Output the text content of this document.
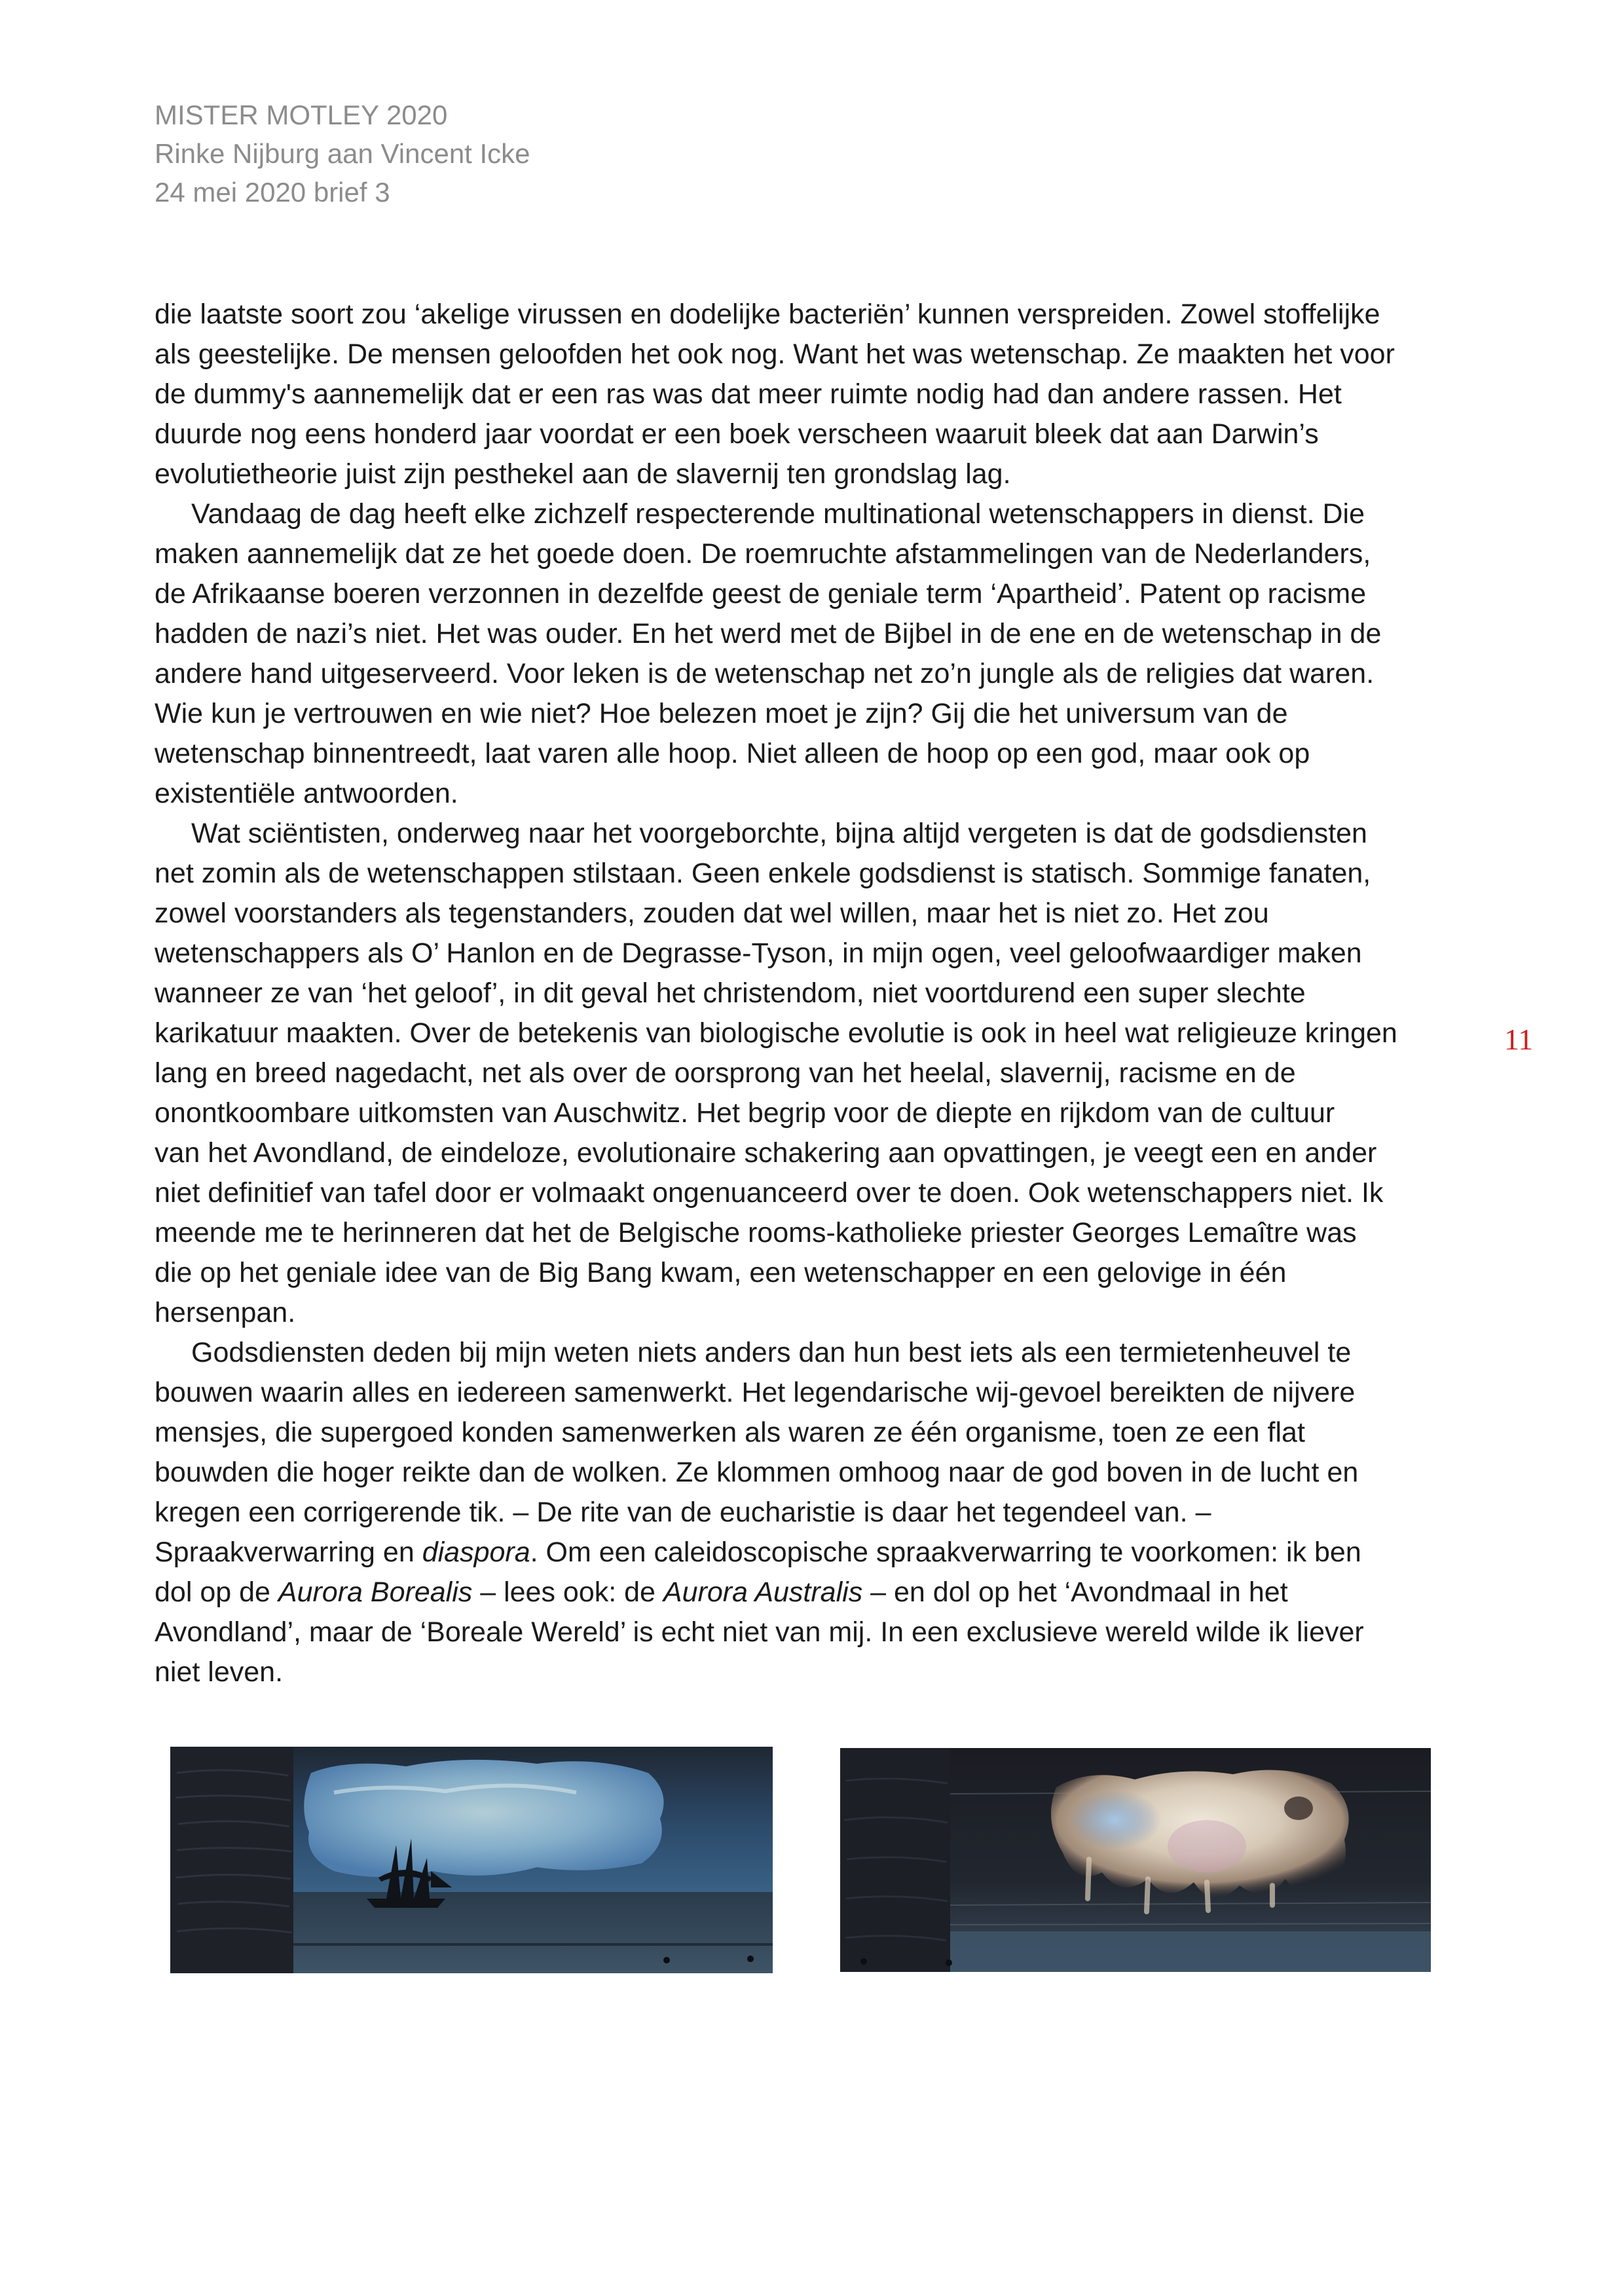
MISTER MOTLEY 2020
Rinke Nijburg aan Vincent Icke
24 mei 2020 brief 3
die laatste soort zou ‘akelige virussen en dodelijke bacteriën’ kunnen verspreiden. Zowel stoffelijke
als geestelijke. De mensen geloofden het ook nog. Want het was wetenschap. Ze maakten het voor
de dummy's aannemelijk dat er een ras was dat meer ruimte nodig had dan andere rassen. Het
duurde nog eens honderd jaar voordat er een boek verscheen waaruit bleek dat aan Darwin’s
evolutietheorie juist zijn pesthekel aan de slavernij ten grondslag lag.
Vandaag de dag heeft elke zichzelf respecterende multinational wetenschappers in dienst. Die
maken aannemelijk dat ze het goede doen. De roemruchte afstammelingen van de Nederlanders,
de Afrikaanse boeren verzonnen in dezelfde geest de geniale term ‘Apartheid’. Patent op racisme
hadden de nazi’s niet. Het was ouder. En het werd met de Bijbel in de ene en de wetenschap in de
andere hand uitgeserveerd. Voor leken is de wetenschap net zo’n jungle als de religies dat waren.
Wie kun je vertrouwen en wie niet? Hoe belezen moet je zijn? Gij die het universum van de
wetenschap binnentreedt, laat varen alle hoop. Niet alleen de hoop op een god, maar ook op
existentiële antwoorden.
Wat sciëntisten, onderweg naar het voorgeborchte, bijna altijd vergeten is dat de godsdiensten
net zomin als de wetenschappen stilstaan. Geen enkele godsdienst is statisch. Sommige fanaten,
zowel voorstanders als tegenstanders, zouden dat wel willen, maar het is niet zo. Het zou
wetenschappers als O’ Hanlon en de Degrasse-Tyson, in mijn ogen, veel geloofwaardiger maken
wanneer ze van ‘het geloof’, in dit geval het christendom, niet voortdurend een super slechte
karikatuur maakten. Over de betekenis van biologische evolutie is ook in heel wat religieuze kringen
lang en breed nagedacht, net als over de oorsprong van het heelal, slavernij, racisme en de
onontkoombare uitkomsten van Auschwitz. Het begrip voor de diepte en rijkdom van de cultuur
van het Avondland, de eindeloze, evolutionaire schakering aan opvattingen, je veegt een en ander
niet definitief van tafel door er volmaakt ongenuanceerd over te doen. Ook wetenschappers niet. Ik
meende me te herinneren dat het de Belgische rooms-katholieke priester Georges Lemaître was
die op het geniale idee van de Big Bang kwam, een wetenschapper en een gelovige in één
hersenpan.
Godsdiensten deden bij mijn weten niets anders dan hun best iets als een termietenheuvel te
bouwen waarin alles en iedereen samenwerkt. Het legendarische wij-gevoel bereikten de nijvere
mensjes, die supergoed konden samenwerken als waren ze één organisme, toen ze een flat
bouwden die hoger reikte dan de wolken. Ze klommen omhoog naar de god boven in de lucht en
kregen een corrigerende tik. – De rite van de eucharistie is daar het tegendeel van. –
Spraakverwarring en diaspora. Om een caleidoscopische spraakverwarring te voorkomen: ik ben
dol op de Aurora Borealis – lees ook: de Aurora Australis – en dol op het ‘Avondmaal in het
Avondland’, maar de ‘Boreale Wereld’ is echt niet van mij. In een exclusieve wereld wilde ik liever
niet leven.
11
